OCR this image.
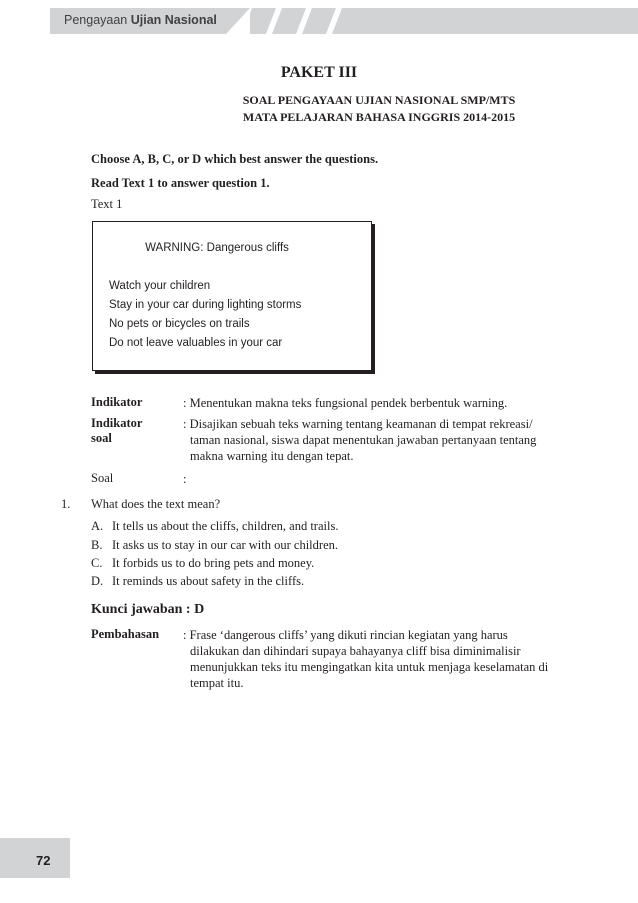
Pengayaan Ujian Nasional
PAKET III
SOAL PENGAYAAN UJIAN NASIONAL SMP/MTS
MATA PELAJARAN BAHASA INGGRIS 2014-2015
Choose A, B, C, or D which best answer the questions.
Read Text 1 to answer question 1.
Text 1
WARNING: Dangerous cliffs
Watch your children
Stay in your car during lighting storms
No pets or bicycles on trails
Do not leave valuables in your car
Indikator	: Menentukan makna teks fungsional pendek berbentuk warning.
Indikator soal
: Disajikan sebuah teks warning tentang keamanan di tempat rekreasi/
taman nasional, siswa dapat menentukan jawaban pertanyaan tentang
makna warning itu dengan tepat.
Soal	:
1. What does the text mean?
A. It tells us about the cliffs, children, and trails.
B. It asks us to stay in our car with our children.
C. It forbids us to do bring pets and money.
D. It reminds us about safety in the cliffs.
Kunci jawaban : D
Pembahasan : Frase ‘dangerous cliffs’ yang dikuti rincian kegiatan yang harus
dilakukan dan dihindari supaya bahayanya cliff bisa diminimalisir
menunjukkan teks itu mengingatkan kita untuk menjaga keselamatan di
tempat itu.
72
